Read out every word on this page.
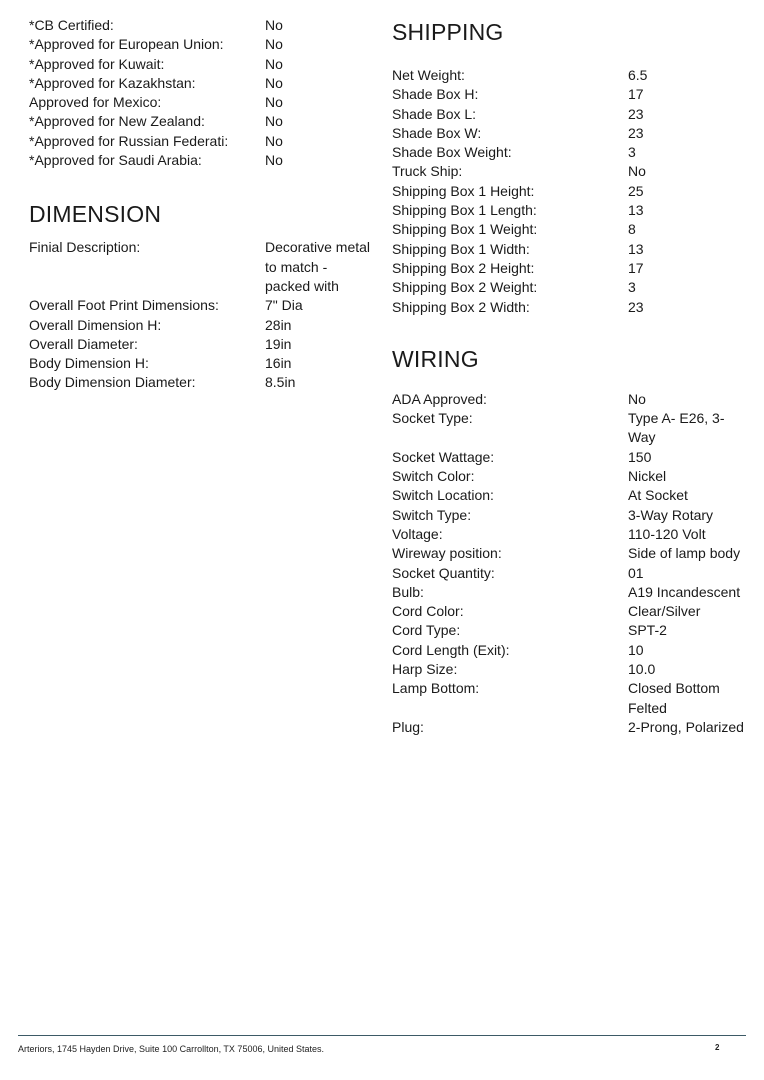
*CB Certified:	No
*Approved for European Union:	No
*Approved for Kuwait:	No
*Approved for Kazakhstan:	No
Approved for Mexico:	No
*Approved for New Zealand:	No
*Approved for Russian Federati:	No
*Approved for Saudi Arabia:	No
DIMENSION
Finial Description:	Decorative metal to match - packed with
Overall Foot Print Dimensions:	7" Dia
Overall Dimension H:	28in
Overall Diameter:	19in
Body Dimension H:	16in
Body Dimension Diameter:	8.5in
SHIPPING
Net Weight:	6.5
Shade Box H:	17
Shade Box L:	23
Shade Box W:	23
Shade Box Weight:	3
Truck Ship:	No
Shipping Box 1 Height:	25
Shipping Box 1 Length:	13
Shipping Box 1 Weight:	8
Shipping Box 1 Width:	13
Shipping Box 2 Height:	17
Shipping Box 2 Weight:	3
Shipping Box 2 Width:	23
WIRING
ADA Approved:	No
Socket Type:	Type A- E26, 3-Way
Socket Wattage:	150
Switch Color:	Nickel
Switch Location:	At Socket
Switch Type:	3-Way Rotary
Voltage:	110-120 Volt
Wireway position:	Side of lamp body
Socket Quantity:	01
Bulb:	A19 Incandescent
Cord Color:	Clear/Silver
Cord Type:	SPT-2
Cord Length (Exit):	10
Harp Size:	10.0
Lamp Bottom:	Closed Bottom Felted
Plug:	2-Prong, Polarized
Arteriors, 1745 Hayden Drive, Suite 100 Carrollton, TX 75006, United States.	2
